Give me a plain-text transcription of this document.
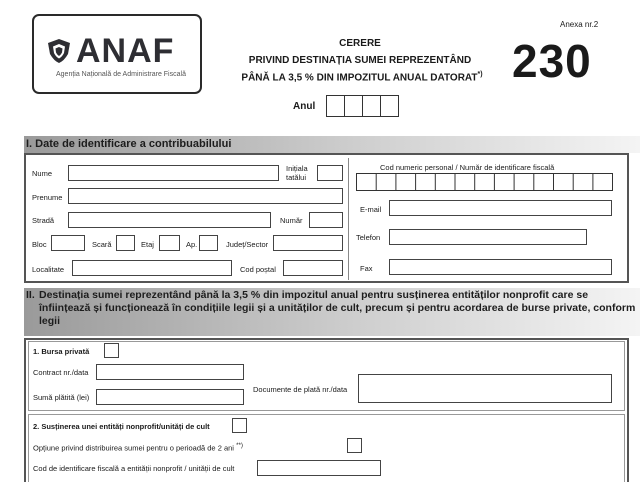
ANAF
Agenția Națională de Administrare Fiscală
CERERE
PRIVIND DESTINAȚIA SUMEI REPREZENTÂND
PÂNĂ LA 3,5 % DIN IMPOZITUL ANUAL DATORAT*)
Anexa nr.2
230
Anul
I. Date de identificare a contribuabilului
Nume
Inițiala
tatălui
Prenume
Stradă	Număr
Bloc	Scară	Etaj	Ap.	Județ/Sector
Localitate	Cod poștal
Cod numeric personal / Număr de identificare fiscală
E-mail
Telefon
Fax
II. Destinația sumei reprezentând până la 3,5 % din impozitul anual pentru susținerea entităților nonprofit care se înființează și funcționează în condițiile legii și a unităților de cult, precum și pentru acordarea de burse private, conform legii
1. Bursa privată
Contract nr./data
Sumă plătită (lei)
Documente de plată nr./data
2. Susținerea unei entități nonprofit/unități de cult
Opțiune privind distribuirea sumei pentru o perioadă de 2 ani **)
Cod de identificare fiscală a entității nonprofit / unității de cult
